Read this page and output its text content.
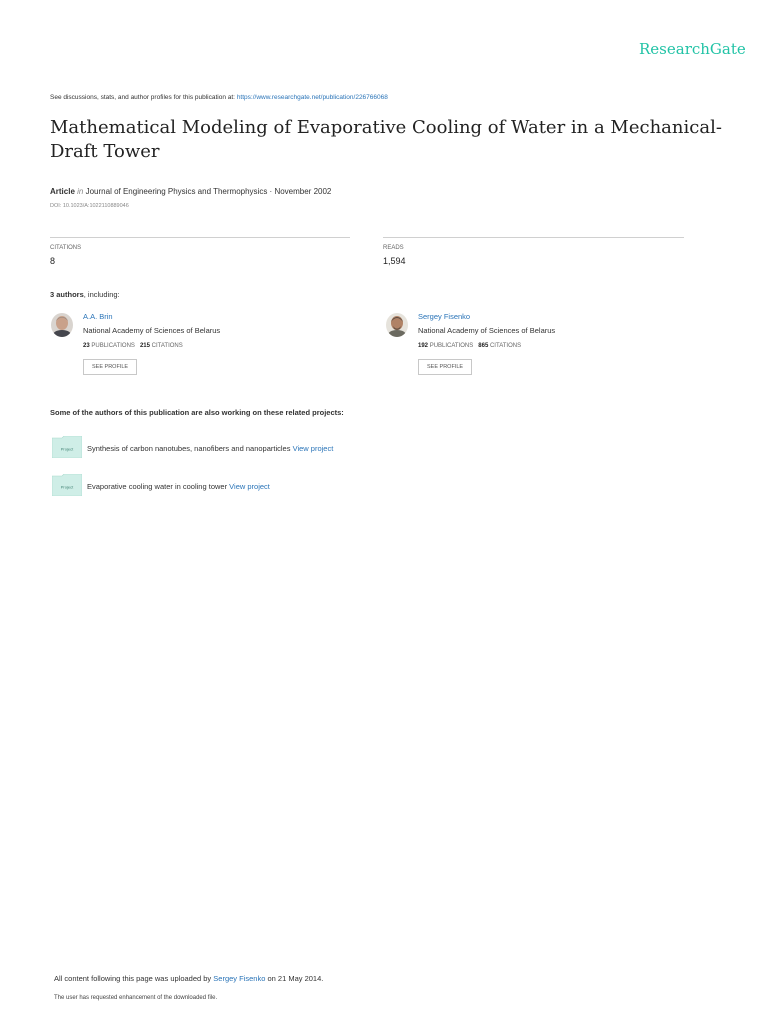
ResearchGate
See discussions, stats, and author profiles for this publication at: https://www.researchgate.net/publication/226766068
Mathematical Modeling of Evaporative Cooling of Water in a Mechanical-Draft Tower
Article in Journal of Engineering Physics and Thermophysics · November 2002
DOI: 10.1023/A:1022110889046
CITATIONS
8
READS
1,594
3 authors, including:
A.A. Brin
National Academy of Sciences of Belarus
23 PUBLICATIONS 215 CITATIONS
SEE PROFILE
Sergey Fisenko
National Academy of Sciences of Belarus
192 PUBLICATIONS 865 CITATIONS
SEE PROFILE
Some of the authors of this publication are also working on these related projects:
Project Synthesis of carbon nanotubes, nanofibers and nanoparticles View project
Project Evaporative cooling water in cooling tower View project
All content following this page was uploaded by Sergey Fisenko on 21 May 2014.
The user has requested enhancement of the downloaded file.
